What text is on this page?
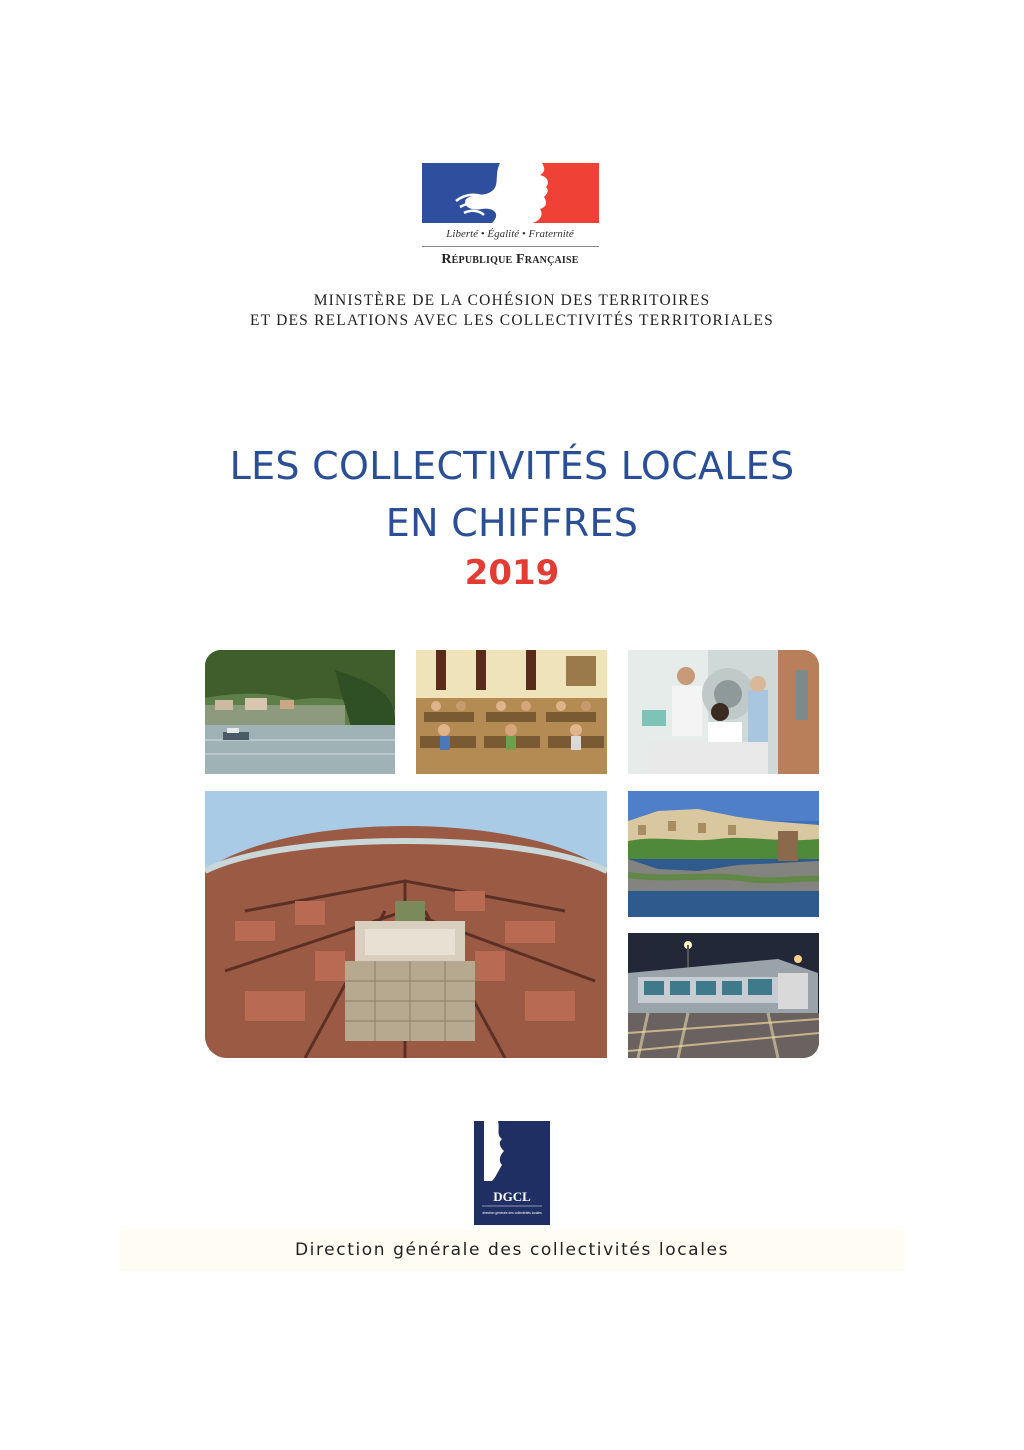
Liberté • Égalité • Fraternité
République Française
MINISTÈRE DE LA COHÉSION DES TERRITOIRES
ET DES RELATIONS AVEC LES COLLECTIVITÉS TERRITORIALES
LES COLLECTIVITÉS LOCALES
EN CHIFFRES
2019
DGCL
direction générale des collectivités locales
Direction générale des collectivités locales
